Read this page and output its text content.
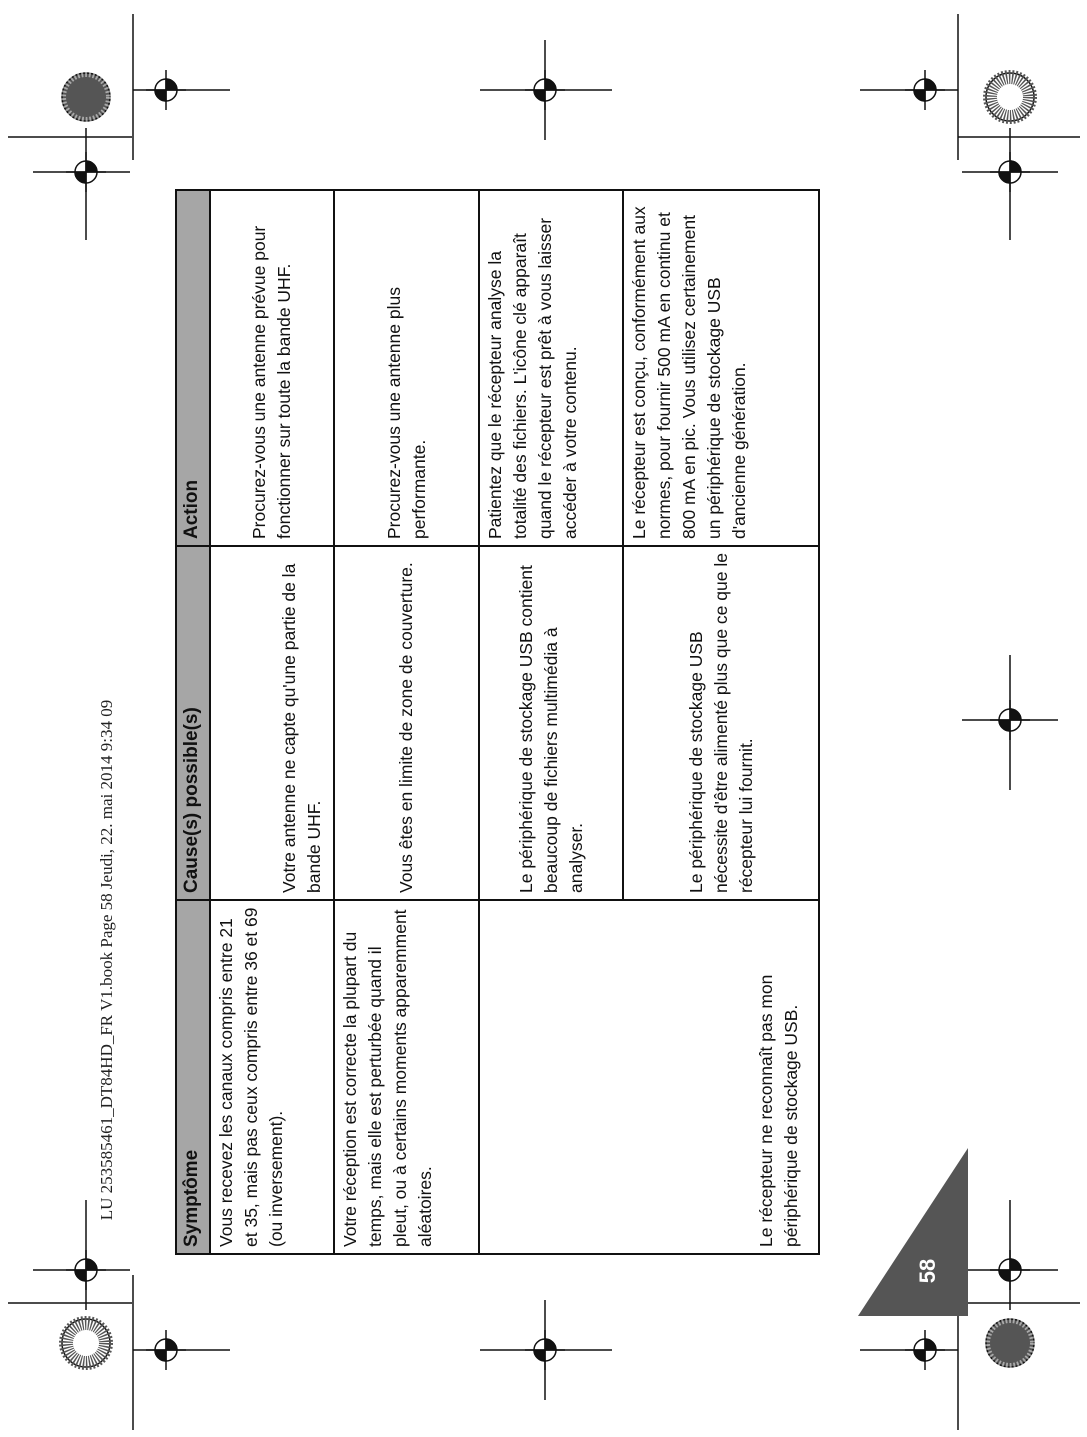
LU 253585461_DT84HD_FR V1.book Page 58 Jeudi, 22. mai 2014 9:34 09	Symptôme	Cause(s) possible(s)	Action
Vous recevez les canaux compris entre 21 et 35, mais pas ceux compris entre 36 et 69 (ou inversement).	Votre antenne ne capte qu'une partie de la bande UHF.	Procurez-vous une antenne prévue pour fonctionner sur toute la bande UHF.
Votre réception est correcte la plupart du temps, mais elle est perturbée quand il pleut, ou à certains moments apparemment aléatoires.	Vous êtes en limite de zone de couverture.	Procurez-vous une antenne plus performante.
Le récepteur ne reconnaît pas mon périphérique de stockage USB.	Le périphérique de stockage USB contient beaucoup de fichiers multimédia à analyser.	Patientez que le récepteur analyse la totalité des fichiers. L'icône clé apparaît quand le récepteur est prêt à vous laisser accéder à votre contenu.
	Le périphérique de stockage USB nécessite d'être alimenté plus que ce que le récepteur lui fournit.	Le récepteur est conçu, conformément aux normes, pour fournir 500 mA en continu et 800 mA en pic. Vous utilisez certainement un périphérique de stockage USB d'ancienne génération.
58
